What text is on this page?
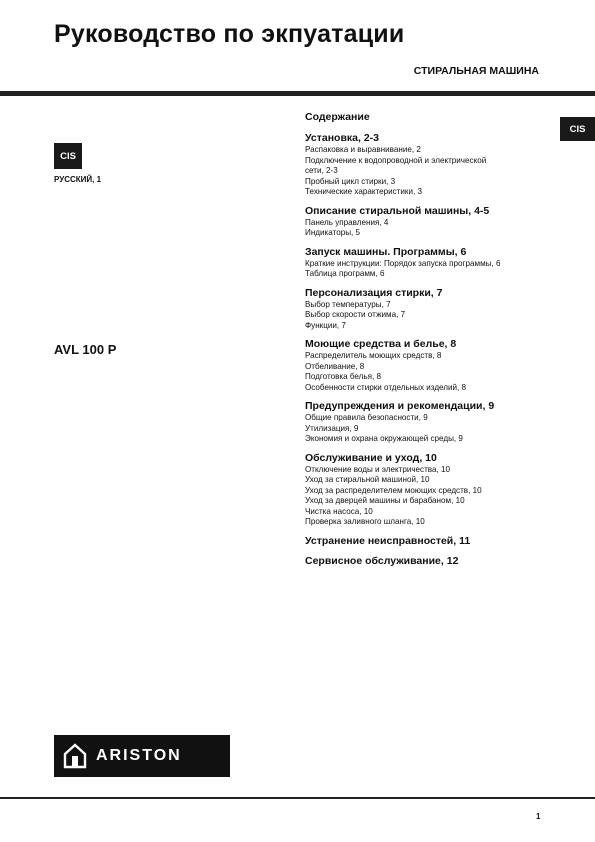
Руководство по экпуатации
СТИРАЛЬНАЯ МАШИНА
CIS
РУССКИЙ, 1
AVL 100 P
CIS
Содержание
Установка, 2-3
Распаковка и выравнивание, 2
Подключение к водопроводной и электрической
сети, 2-3
Пробный цикл стирки, 3
Технические характеристики, 3
Описание стиральной машины, 4-5
Панель управления, 4
Индикаторы, 5
Запуск машины. Программы, 6
Краткие инструкции: Порядок запуска программы, 6
Таблица программ, 6
Персонализация стирки, 7
Выбор температуры, 7
Выбор скорости отжима, 7
Функции, 7
Моющие средства и белье, 8
Распределитель моющих средств, 8
Отбеливание, 8
Подготовка белья, 8
Особенности стирки отдельных изделий, 8
Предупреждения и рекомендации, 9
Общие правила безопасности, 9
Утилизация, 9
Экономия и охрана окружающей среды, 9
Обслуживание и уход, 10
Отключение воды и электричества, 10
Уход за стиральной машиной, 10
Уход за распределителем моющих средств, 10
Уход за дверцей машины и барабаном, 10
Чистка насоса, 10
Проверка заливного шланга, 10
Устранение неисправностей, 11
Сервисное обслуживание, 12
ARISTON
1
